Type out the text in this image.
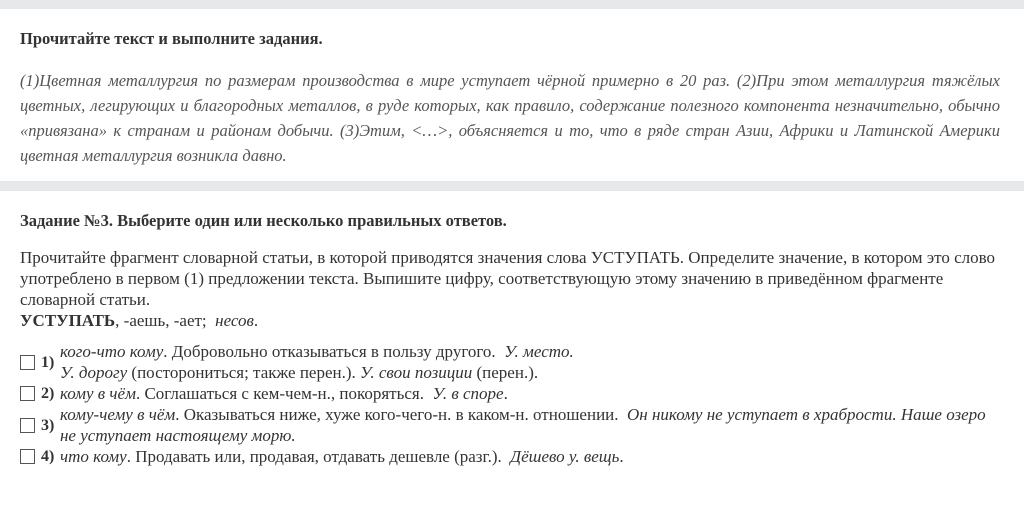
Прочитайте текст и выполните задания.
(1)Цветная металлургия по размерам производства в мире уступает чёрной примерно в 20 раз. (2)При этом металлургия тяжёлых цветных, легирующих и благородных металлов, в руде которых, как правило, содержание полезного компонента незначительно, обычно «привязана» к странам и районам добычи. (3)Этим, <…>, объясняется и то, что в ряде стран Азии, Африки и Латинской Америки цветная металлургия возникла давно.
Задание №3. Выберите один или несколько правильных ответов.
Прочитайте фрагмент словарной статьи, в которой приводятся значения слова УСТУПАТЬ. Определите значение, в котором это слово употреблено в первом (1) предложении текста. Выпишите цифру, соответствующую этому значению в приведённом фрагменте словарной статьи.
УСТУПАТЬ, -аешь, -ает; несов.
1)
кого-что кому. Добровольно отказываться в пользу другого. У. место.
У. дорогу (посторониться; также перен.). У. свои позиции (перен.).
2) кому в чём. Соглашаться с кем-чем-н., покоряться. У. в споре.
3)
кому-чему в чём. Оказываться ниже, хуже кого-чего-н. в каком-н. отношении. Он никому не уступает в храбрости. Наше озеро не уступает настоящему морю.
4) что кому. Продавать или, продавая, отдавать дешевле (разг.). Дёшево у. вещь.
